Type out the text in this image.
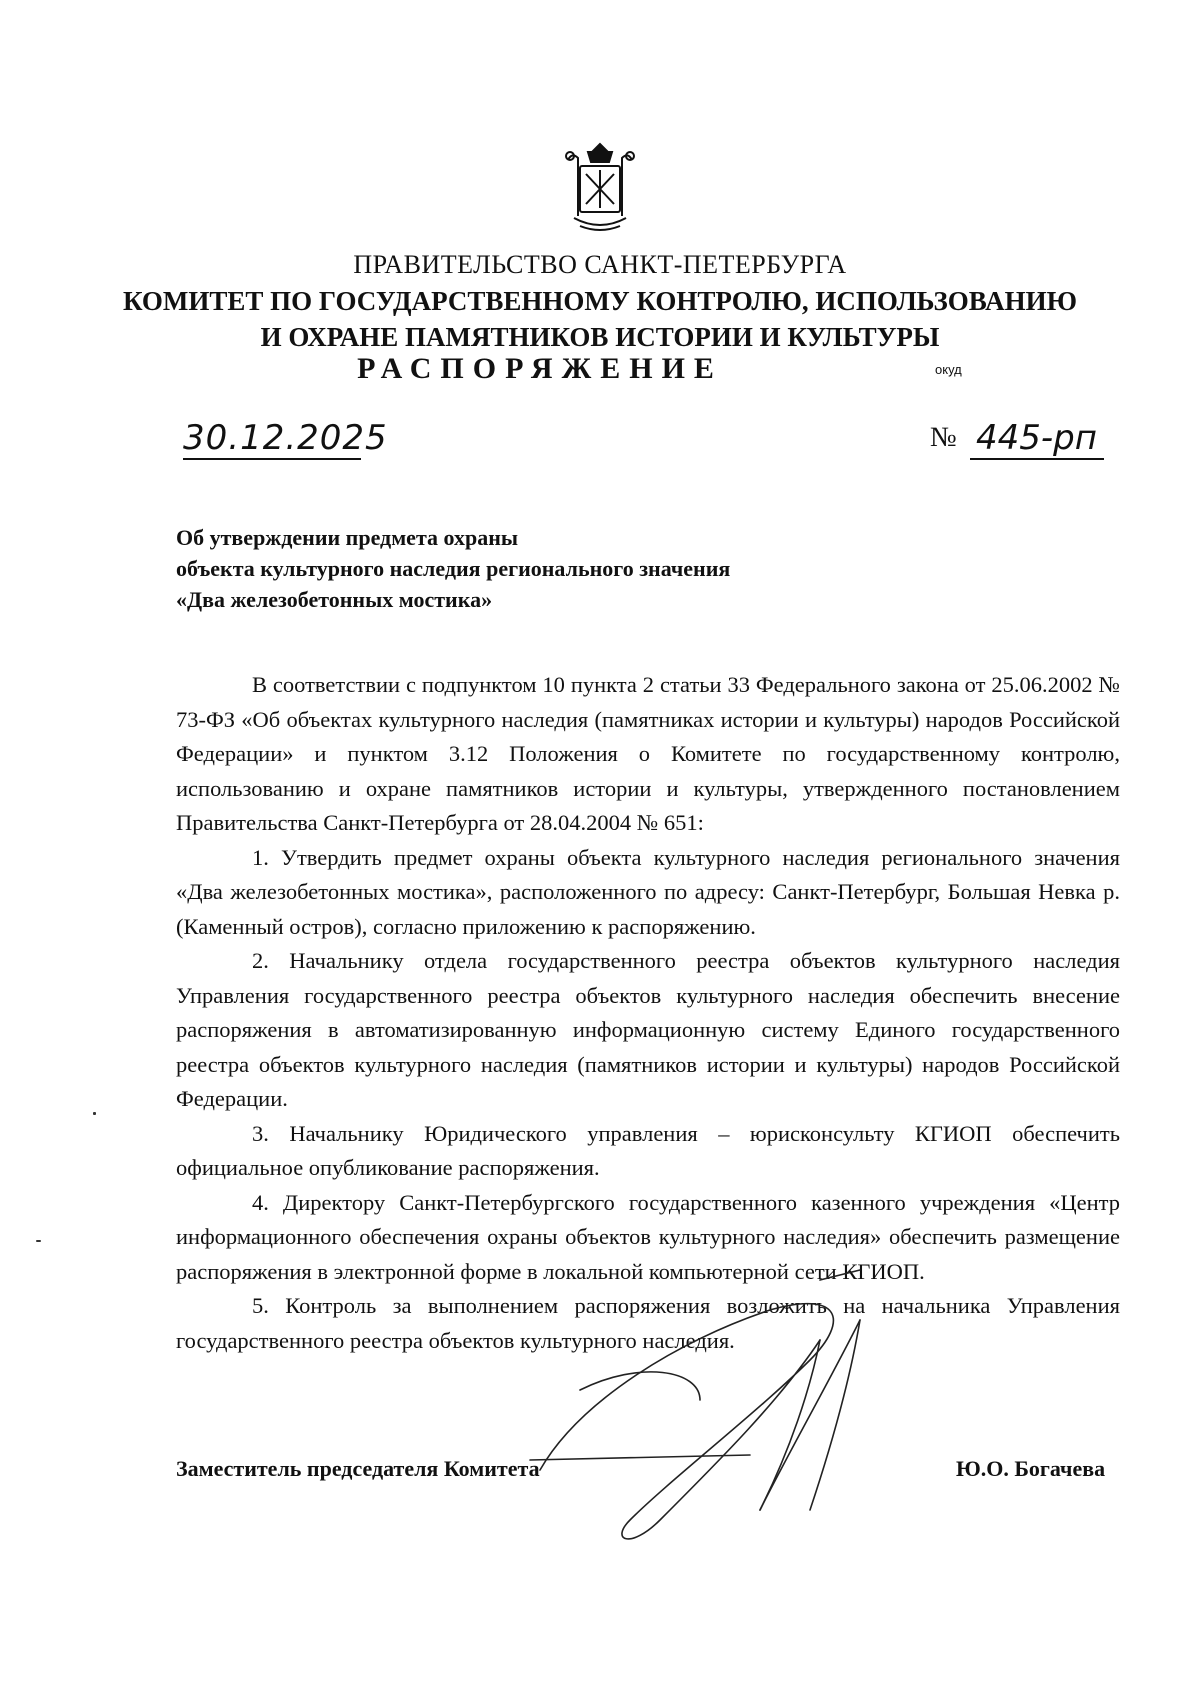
ПРАВИТЕЛЬСТВО САНКТ-ПЕТЕРБУРГА
КОМИТЕТ ПО ГОСУДАРСТВЕННОМУ КОНТРОЛЮ, ИСПОЛЬЗОВАНИЮ
И ОХРАНЕ ПАМЯТНИКОВ ИСТОРИИ И КУЛЬТУРЫ
РАСПОРЯЖЕНИЕ	окуд
30.12.2025	№ 445-рп
Об утверждении предмета охраны
объекта культурного наследия регионального значения
«Два железобетонных мостика»

В соответствии с подпунктом 10 пункта 2 статьи 33 Федерального закона от 25.06.2002 № 73-ФЗ «Об объектах культурного наследия (памятниках истории и культуры) народов Российской Федерации» и пунктом 3.12 Положения о Комитете по государственному контролю, использованию и охране памятников истории и культуры, утвержденного постановлением Правительства Санкт-Петербурга от 28.04.2004 № 651:

1. Утвердить предмет охраны объекта культурного наследия регионального значения «Два железобетонных мостика», расположенного по адресу: Санкт-Петербург, Большая Невка р. (Каменный остров), согласно приложению к распоряжению.

2. Начальнику отдела государственного реестра объектов культурного наследия Управления государственного реестра объектов культурного наследия обеспечить внесение распоряжения в автоматизированную информационную систему Единого государственного реестра объектов культурного наследия (памятников истории и культуры) народов Российской Федерации.

3. Начальнику Юридического управления – юрисконсульту КГИОП обеспечить официальное опубликование распоряжения.

4. Директору Санкт-Петербургского государственного казенного учреждения «Центр информационного обеспечения охраны объектов культурного наследия» обеспечить размещение распоряжения в электронной форме в локальной компьютерной сети КГИОП.

5. Контроль за выполнением распоряжения возложить на начальника Управления государственного реестра объектов культурного наследия.

Заместитель председателя Комитета	Ю.О. Богачева
